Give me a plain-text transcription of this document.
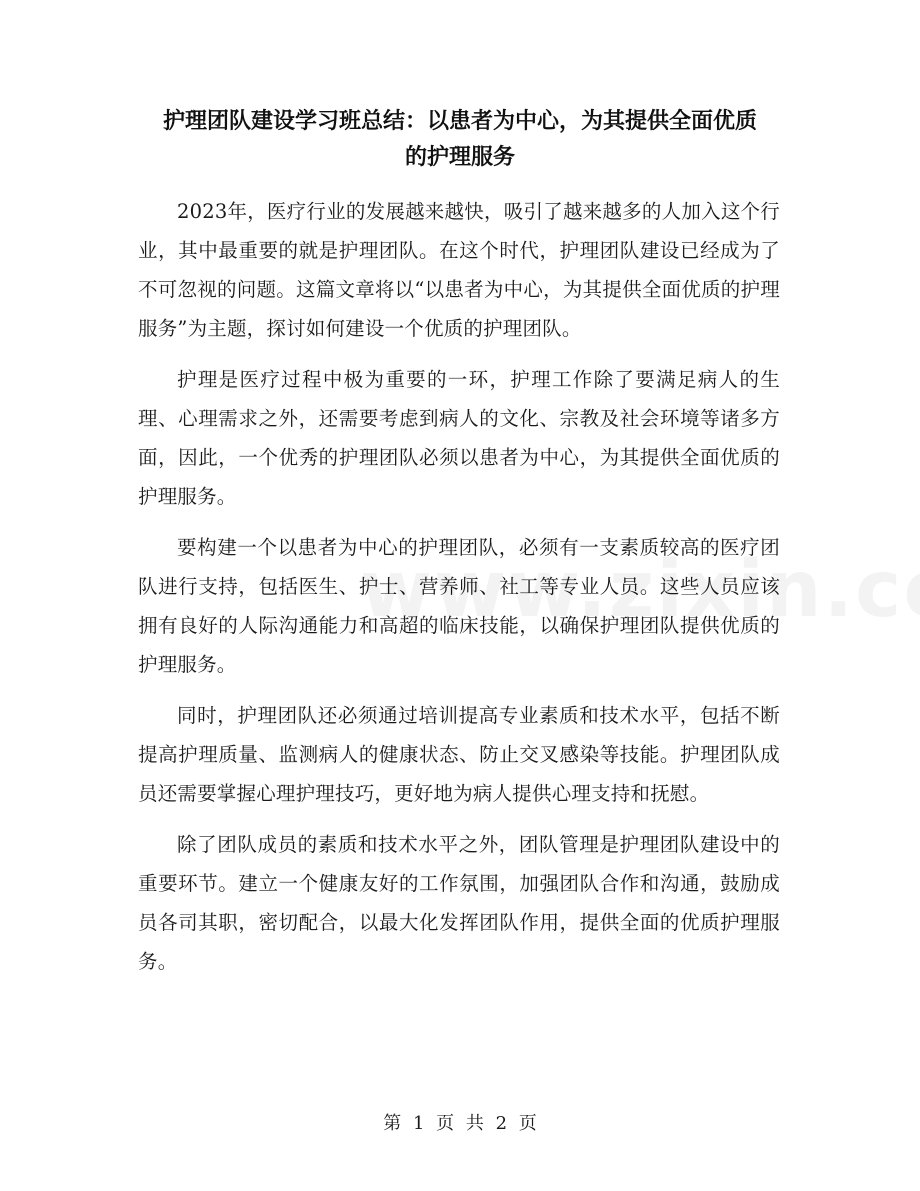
护理团队建设学习班总结：以患者为中心，为其提供全面优质
的护理服务

2023年，医疗行业的发展越来越快，吸引了越来越多的人加入这个行业，其中最重要的就是护理团队。在这个时代，护理团队建设已经成为了不可忽视的问题。这篇文章将以“以患者为中心，为其提供全面优质的护理服务”为主题，探讨如何建设一个优质的护理团队。

护理是医疗过程中极为重要的一环，护理工作除了要满足病人的生理、心理需求之外，还需要考虑到病人的文化、宗教及社会环境等诸多方面，因此，一个优秀的护理团队必须以患者为中心，为其提供全面优质的护理服务。

要构建一个以患者为中心的护理团队，必须有一支素质较高的医疗团队进行支持，包括医生、护士、营养师、社工等专业人员。这些人员应该拥有良好的人际沟通能力和高超的临床技能，以确保护理团队提供优质的护理服务。

同时，护理团队还必须通过培训提高专业素质和技术水平，包括不断提高护理质量、监测病人的健康状态、防止交叉感染等技能。护理团队成员还需要掌握心理护理技巧，更好地为病人提供心理支持和抚慰。

除了团队成员的素质和技术水平之外，团队管理是护理团队建设中的重要环节。建立一个健康友好的工作氛围，加强团队合作和沟通，鼓励成员各司其职，密切配合，以最大化发挥团队作用，提供全面的优质护理服务。

第 1 页 共 2 页
